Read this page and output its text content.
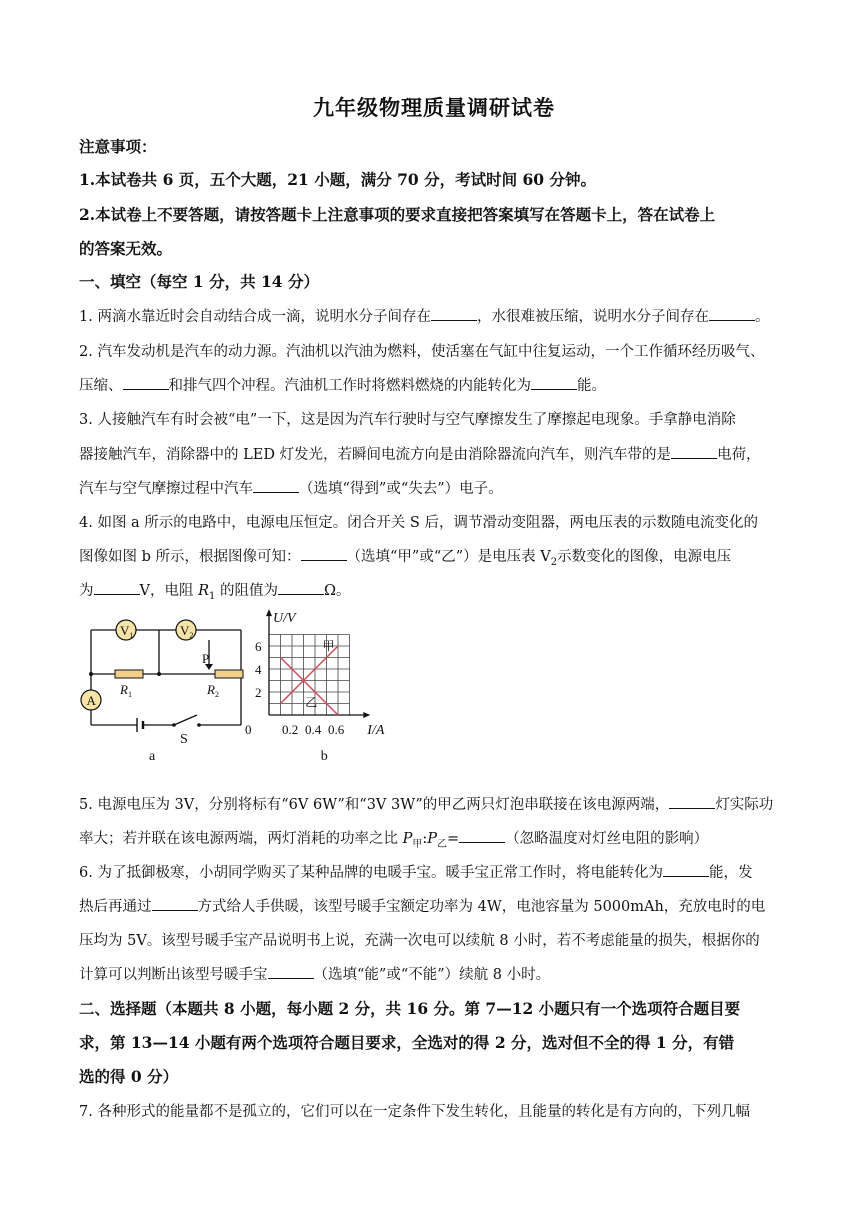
九年级物理质量调研试卷
注意事项：
1.本试卷共 6 页，五个大题，21 小题，满分 70 分，考试时间 60 分钟。
2.本试卷上不要答题，请按答题卡上注意事项的要求直接把答案填写在答题卡上，答在试卷上
的答案无效。
一、填空（每空 1 分，共 14 分）
1. 两滴水靠近时会自动结合成一滴，说明水分子间存在	，水很难被压缩，说明水分子间存在	。
2. 汽车发动机是汽车的动力源。汽油机以汽油为燃料，使活塞在气缸中往复运动，一个工作循环经历吸气、
压缩、	和排气四个冲程。汽油机工作时将燃料燃烧的内能转化为	能。
3. 人接触汽车有时会被“电”一下，这是因为汽车行驶时与空气摩擦发生了摩擦起电现象。手拿静电消除
器接触汽车，消除器中的 LED 灯发光，若瞬间电流方向是由消除器流向汽车，则汽车带的是	电荷，
汽车与空气摩擦过程中汽车	（选填“得到”或“失去”）电子。
4. 如图 a 所示的电路中，电源电压恒定。闭合开关 S 后，调节滑动变阻器，两电压表的示数随电流变化的
图像如图 b 所示，根据图像可知：	（选填“甲”或“乙”）是电压表 $V_2$示数变化的图像，电源电压
为	V，电阻 $R_1$ 的阻值为	Ω。
$V_1$	$V_2$
A
P
$R_1$	$R_2$
S
a
2
4
6
0 0.2 0.4 0.6
U/V
I/A
甲
乙
b
5. 电源电压为 3V，分别将标有“6V 6W”和“3V 3W”的甲乙两只灯泡串联接在该电源两端，	灯实际功
率大；若并联在该电源两端，两灯消耗的功率之比 $P_甲:P_乙=$	（忽略温度对灯丝电阻的影响）
6. 为了抵御极寒，小胡同学购买了某种品牌的电暖手宝。暖手宝正常工作时，将电能转化为	能，发
热后再通过	方式给人手供暖，该型号暖手宝额定功率为 4W，电池容量为 5000mAh，充放电时的电
压均为 5V。该型号暖手宝产品说明书上说，充满一次电可以续航 8 小时，若不考虑能量的损失，根据你的
计算可以判断出该型号暖手宝	（选填“能”或“不能”）续航 8 小时。
二、选择题（本题共 8 小题，每小题 2 分，共 16 分。第 7—12 小题只有一个选项符合题目要
求，第 13—14 小题有两个选项符合题目要求，全选对的得 2 分，选对但不全的得 1 分，有错
选的得 0 分）
7. 各种形式的能量都不是孤立的，它们可以在一定条件下发生转化，且能量的转化是有方向的，下列几幅
